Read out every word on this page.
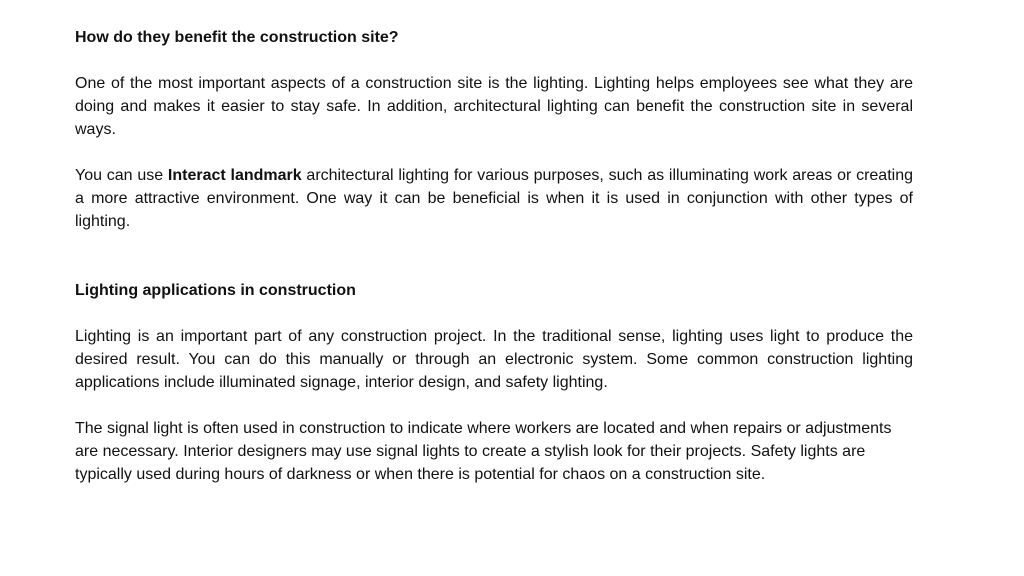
How do they benefit the construction site?

One of the most important aspects of a construction site is the lighting. Lighting helps employees see what they are doing and makes it easier to stay safe. In addition, architectural lighting can benefit the construction site in several ways.

You can use Interact landmark architectural lighting for various purposes, such as illuminating work areas or creating a more attractive environment. One way it can be beneficial is when it is used in conjunction with other types of lighting.

Lighting applications in construction

Lighting is an important part of any construction project. In the traditional sense, lighting uses light to produce the desired result. You can do this manually or through an electronic system. Some common construction lighting applications include illuminated signage, interior design, and safety lighting.

The signal light is often used in construction to indicate where workers are located and when repairs or adjustments are necessary. Interior designers may use signal lights to create a stylish look for their projects. Safety lights are typically used during hours of darkness or when there is potential for chaos on a construction site.
